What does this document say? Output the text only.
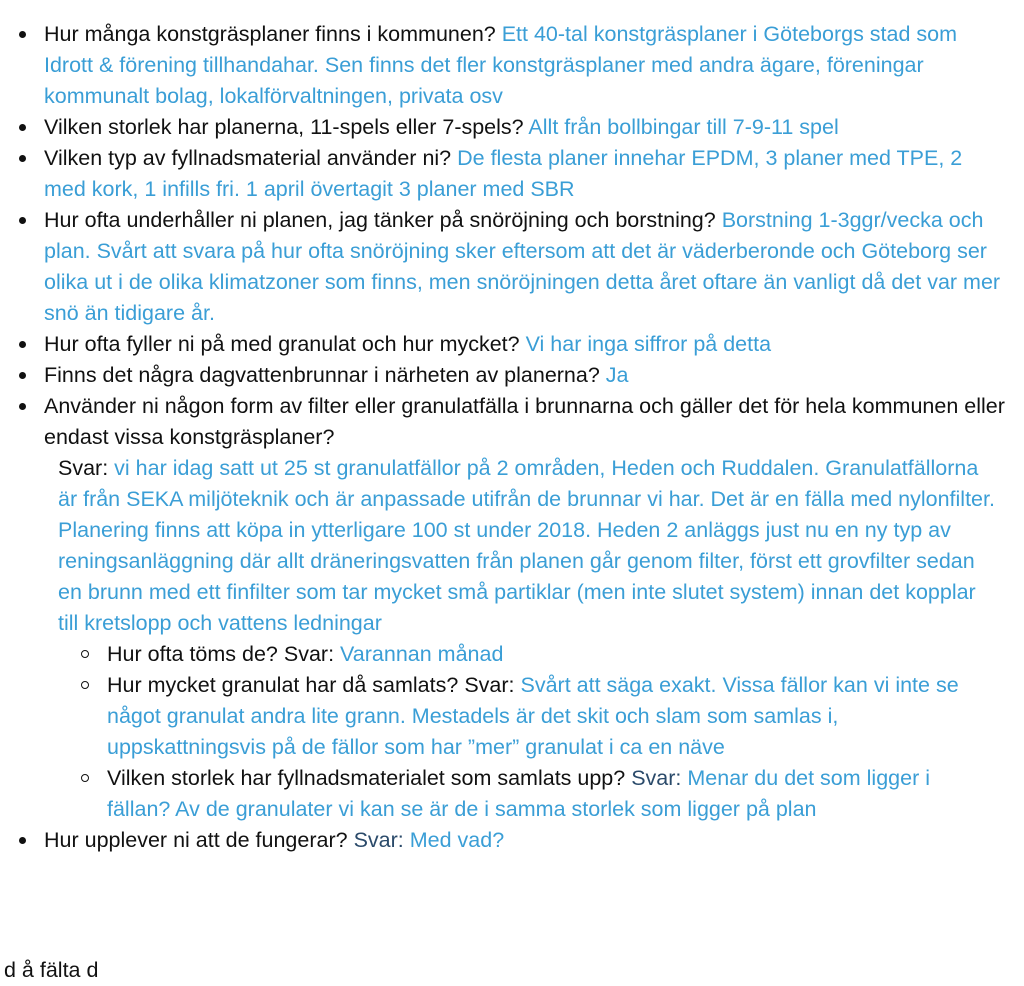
Hur många konstgräsplaner finns i kommunen? Ett 40-tal konstgräsplaner i Göteborgs stad som Idrott & förening tillhandahar. Sen finns det fler konstgräsplaner med andra ägare, föreningar kommunalt bolag, lokalförvaltningen, privata osv
Vilken storlek har planerna, 11-spels eller 7-spels? Allt från bollbingar till 7-9-11 spel
Vilken typ av fyllnadsmaterial använder ni? De flesta planer innehar EPDM, 3 planer med TPE, 2 med kork, 1 infills fri. 1 april övertagit 3 planer med SBR
Hur ofta underhåller ni planen, jag tänker på snöröjning och borstning? Borstning 1-3ggr/vecka och plan. Svårt att svara på hur ofta snöröjning sker eftersom att det är väderberonde och Göteborg ser olika ut i de olika klimatzoner som finns, men snöröjningen detta året oftare än vanligt då det var mer snö än tidigare år.
Hur ofta fyller ni på med granulat och hur mycket? Vi har inga siffror på detta
Finns det några dagvattenbrunnar i närheten av planerna? Ja
Använder ni någon form av filter eller granulatfälla i brunnarna och gäller det för hela kommunen eller endast vissa konstgräsplaner?
Svar: vi har idag satt ut 25 st granulatfällor på 2 områden, Heden och Ruddalen. Granulatfällorna är från SEKA miljöteknik och är anpassade utifrån de brunnar vi har. Det är en fälla med nylonfilter. Planering finns att köpa in ytterligare 100 st under 2018. Heden 2 anläggs just nu en ny typ av reningsanläggning där allt dräneringsvatten från planen går genom filter, först ett grovfilter sedan en brunn med ett finfilter som tar mycket små partiklar (men inte slutet system) innan det kopplar till kretslopp och vattens ledningar
Hur ofta töms de? Svar: Varannan månad
Hur mycket granulat har då samlats? Svar: Svårt att säga exakt. Vissa fällor kan vi inte se något granulat andra lite grann. Mestadels är det skit och slam som samlas i, uppskattningsvis på de fällor som har ”mer” granulat i ca en näve
Vilken storlek har fyllnadsmaterialet som samlats upp? Svar: Menar du det som ligger i fällan? Av de granulater vi kan se är de i samma storlek som ligger på plan
Hur upplever ni att de fungerar? Svar: Med vad?
d å fälta d
